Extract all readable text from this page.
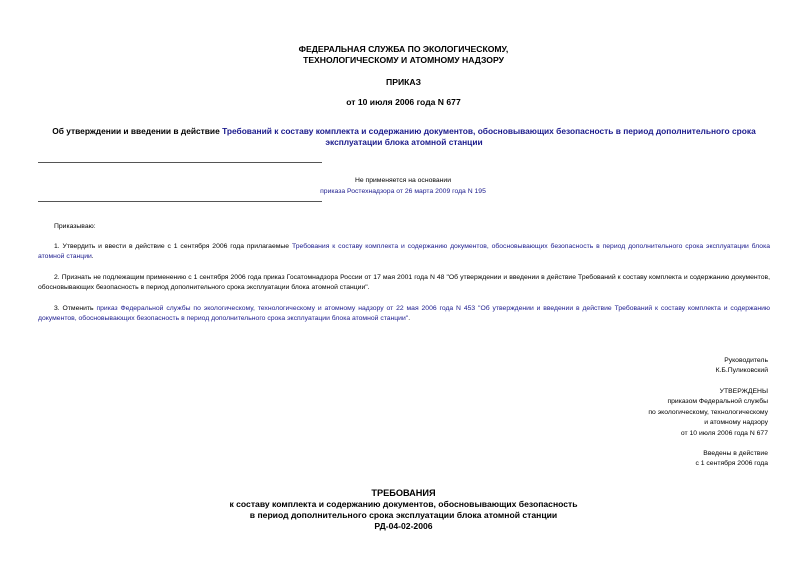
ФЕДЕРАЛЬНАЯ СЛУЖБА ПО ЭКОЛОГИЧЕСКОМУ,
ТЕХНОЛОГИЧЕСКОМУ И АТОМНОМУ НАДЗОРУ
ПРИКАЗ
от 10 июля 2006 года N 677
Об утверждении и введении в действие Требований к составу комплекта и содержанию документов, обосновывающих безопасность в период дополнительного срока эксплуатации блока атомной станции
Не применяется на основании
приказа Ростехнадзора от 26 марта 2009 года N 195
Приказываю:
1. Утвердить и ввести в действие с 1 сентября 2006 года прилагаемые Требования к составу комплекта и содержанию документов, обосновывающих безопасность в период дополнительного срока эксплуатации блока атомной станции.
2. Признать не подлежащим применению с 1 сентября 2006 года приказ Госатомнадзора России от 17 мая 2001 года N 48 "Об утверждении и введении в действие Требований к составу комплекта и содержанию документов, обосновывающих безопасность в период дополнительного срока эксплуатации блока атомной станции".
3. Отменить приказ Федеральной службы по экологическому, технологическому и атомному надзору от 22 мая 2006 года N 453 "Об утверждении и введении в действие Требований к составу комплекта и содержанию документов, обосновывающих безопасность в период дополнительного срока эксплуатации блока атомной станции".
Руководитель
К.Б.Пуликовский
УТВЕРЖДЕНЫ
приказом Федеральной службы
по экологическому, технологическому
и атомному надзору
от 10 июля 2006 года N 677
Введены в действие
с 1 сентября 2006 года
ТРЕБОВАНИЯ
к составу комплекта и содержанию документов, обосновывающих безопасность
в период дополнительного срока эксплуатации блока атомной станции
РД-04-02-2006
